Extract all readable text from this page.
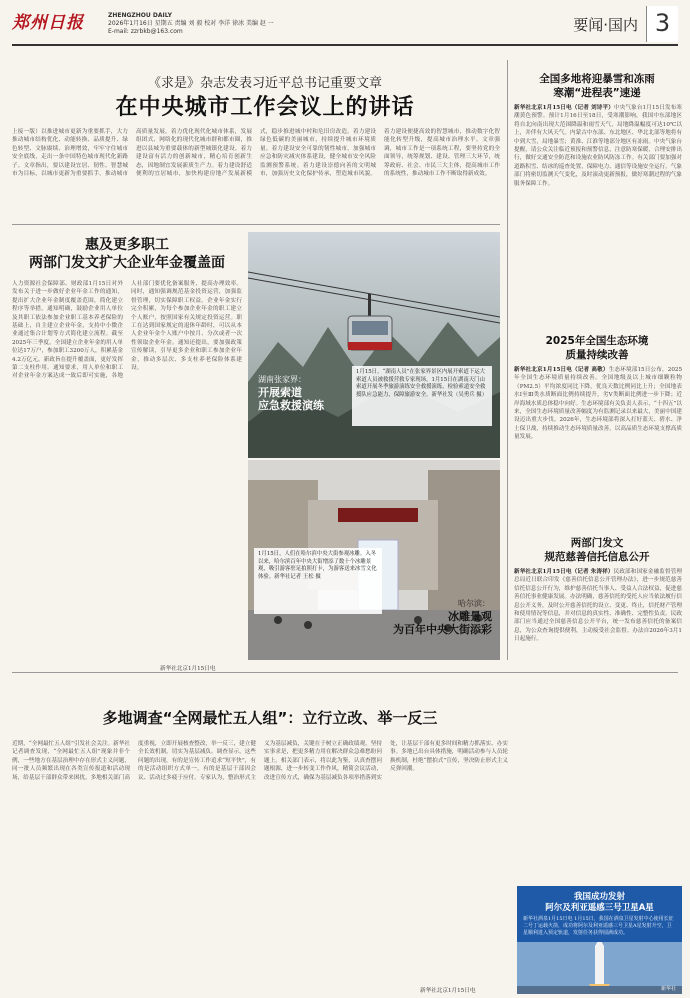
郑州日报	ZHENGZHOU DAILY
2026年1月16日 星期五 责编 刘 毅 校对 李洋 徐冰 美编 赵 一
E-mail: zzrbkb@163.com	要闻·国内 3
《求是》杂志发表习近平总书记重要文章
在中央城市工作会议上的讲话
上接一版）以推进城市更新为重要抓手，大力推动城市结构优化、动能转换、品质提升、绿色转型、文脉赓续、治理增效，牢牢守住城市安全底线，走出一条中国特色城市现代化新路子。文章指出，要以建设宜居、韧性、智慧城市为目标，以城市更新为重要抓手，推动城市高质量发展。着力优化现代化城市体系，发展组团式、网络化的现代化城市群和都市圈，推进以县城为重要载体的新型城镇化建设。着力建设富有活力的创新城市，精心培育创新生态，因地制宜发展新质生产力。着力建设舒适便利的宜居城市，加快构建房地产发展新模式，稳步推进城中村和危旧房改造。着力建设绿色低碳的美丽城市，持续提升城市环境质量。着力建设安全可靠的韧性城市，加强城市应急和防灾减灾体系建设，健全城市安全风险监测预警系统。着力建设崇德向善的文明城市，加强历史文化保护传承，塑造城市风貌。着力建设便捷高效的智慧城市，推动数字化智能化转型升级，提高城市治理水平。文章强调，城市工作是一项系统工程，要坚持党的全面领导，统筹规划、建设、管理三大环节，统筹政府、社会、市民三大主体，提高城市工作的系统性，推动城市工作不断取得新成效。
惠及更多职工
两部门发文扩大企业年金覆盖面
人力资源社会保障部、财政部1月15日对外发布关于进一步做好企业年金工作的通知，提出扩大企业年金制度覆盖范围，简化建立程序等举措。通知明确，鼓励企业用人单位及其职工依法参加企业职工基本养老保险的基础上，自主建立企业年金，支持中小微企业通过集合计划等方式简化建立流程。截至2025年三季度，全国建立企业年金的用人单位达17万户，参加职工3200万人，积累基金4.2万亿元。新政旨在提升覆盖面，更好发挥第二支柱作用。通知要求，用人单位和职工对企业年金方案达成一致后即可实施，各地人社部门要优化备案服务，提高办理效率。同时，通知强调规范基金投资运营，加强监督管理，切实保障职工权益。企业年金实行完全积累，为每个参加企业年金的职工建立个人账户，按照国家有关规定投资运营。职工在达到国家规定的退休年龄时，可以从本人企业年金个人账户中按月、分次或者一次性领取企业年金。通知还提出，要加强政策宣传解读，引导更多企业和职工参加企业年金，推动多层次、多支柱养老保险体系建设。
新华社北京1月15日电
湖南张家界：
开展索道
应急救援演练
1月15日，“湖南人员”在张家界景区内展开索道下运大索道人员被救援营救专家现场，1月15日在湖南天门山索道开展冬季旅游演练安全救援演练，检验索道安全救援队应急能力，保障旅游安全。新华社发（吴勇兵 摄）
1月15日，人们在哈尔滨中央大街参观冰雕。入冬以来，哈尔滨百年中央大街增添了数十个冰雕景观，吸引游客驻足拍照打卡，为游客送来冰雪文化体验。新华社记者 王松 摄
哈尔滨：
冰雕景观
为百年中央大街添彩
全国多地将迎暴雪和冻雨
寒潮“进程表”速递
新华社北京1月15日电（记者 刘诗平）中央气象台1月15日发布寒潮黄色预警。预计1月16日至18日，受寒潮影响，我国中东部地区将自北向南出现大范围降温和雨雪天气，局地降温幅度可达10℃以上，并伴有大风天气。内蒙古中东部、东北地区、华北北部等地将有中到大雪，局地暴雪；黄淮、江淮等地部分地区有冻雨。中央气象台提醒，请公众关注临近预报和预警信息，注意防寒保暖，合理安排出行，做好交通安全防范和设施农业防风防冻工作。有关部门要加强对道路积雪、结冰的巡查处置，保障电力、通信等设施安全运行。气象部门将密切监测天气变化，及时滚动更新预报，做好寒潮过程的气象服务保障工作。
2025年全国生态环境
质量持续改善
新华社北京1月15日电（记者 高敬）生态环境部15日公布，2025年全国生态环境质量持续改善。全国地级及以上城市细颗粒物（PM2.5）平均浓度同比下降，优良天数比例同比上升；全国地表水Ⅰ至Ⅲ类水质断面比例持续提升，劣Ⅴ类断面比例进一步下降；近岸海域水质总体稳中向好。生态环境部有关负责人表示，“十四五”以来，全国生态环境质量改善幅度为有监测记录以来最大，美丽中国建设迈出重大步伐。2026年，生态环境部将深入打好蓝天、碧水、净土保卫战，持续推动生态环境质量改善，以高品质生态环境支撑高质量发展。
两部门发文
规范慈善信托信息公开
新华社北京1月15日电（记者 朱涛祥）民政部和国家金融监督管理总局近日联合印发《慈善信托信息公开管理办法》，进一步规范慈善信托信息公开行为，维护慈善信托当事人、受益人合法权益，促进慈善信托事业健康发展。办法明确，慈善信托的受托人应当依法履行信息公开义务，及时公开慈善信托的设立、变更、终止，信托财产管理和使用情况等信息，并对信息的真实性、准确性、完整性负责。民政部门应当通过全国慈善信息公开平台，统一发布慈善信托的备案信息，为公众查询提供便利，主动接受社会监督。办法自2026年3月1日起施行。
多地调查“全网最忙五人组”：立行立改、举一反三
近期，“全网最忙五人组”引发社会关注。新华社记者调查发现，“全网最忙五人组”现象并非个例，一些地方在基层治理中存在形式主义问题，同一批人员频繁出现在各类宣传报道和活动现场，给基层干部群众带来困扰。多地相关部门高度重视，立即开展核查整改，举一反三，建立健全长效机制，切实为基层减负。调查显示，这些问题的出现，有的是宣传工作追求“短平快”，有的是活动组织方式单一，有的是基层干部因会议、活动过多疲于应付。专家认为，整治形式主义为基层减负，关键在于树立正确政绩观，坚持实事求是，把更多精力用在解决群众急难愁盼问题上。相关部门表示，将以此为鉴，认真查摆问题根源，进一步转变工作作风，精简会议活动，改进宣传方式，确保为基层减负各项举措落到实处，让基层干部有更多时间和精力抓落实、办实事。多地已出台具体措施，明确活动参与人员轮换机制，杜绝“摆拍式”宣传，坚决防止形式主义反弹回潮。
新华社北京1月15日电
我国成功发射
阿尔及利亚遥感三号卫星A星
新华社酒泉1月15日电 1月15日，我国在酒泉卫星发射中心使用长征二号丁运载火箭，成功将阿尔及利亚遥感三号卫星A星发射升空，卫星顺利进入预定轨道，发射任务获得圆满成功。
新华社
